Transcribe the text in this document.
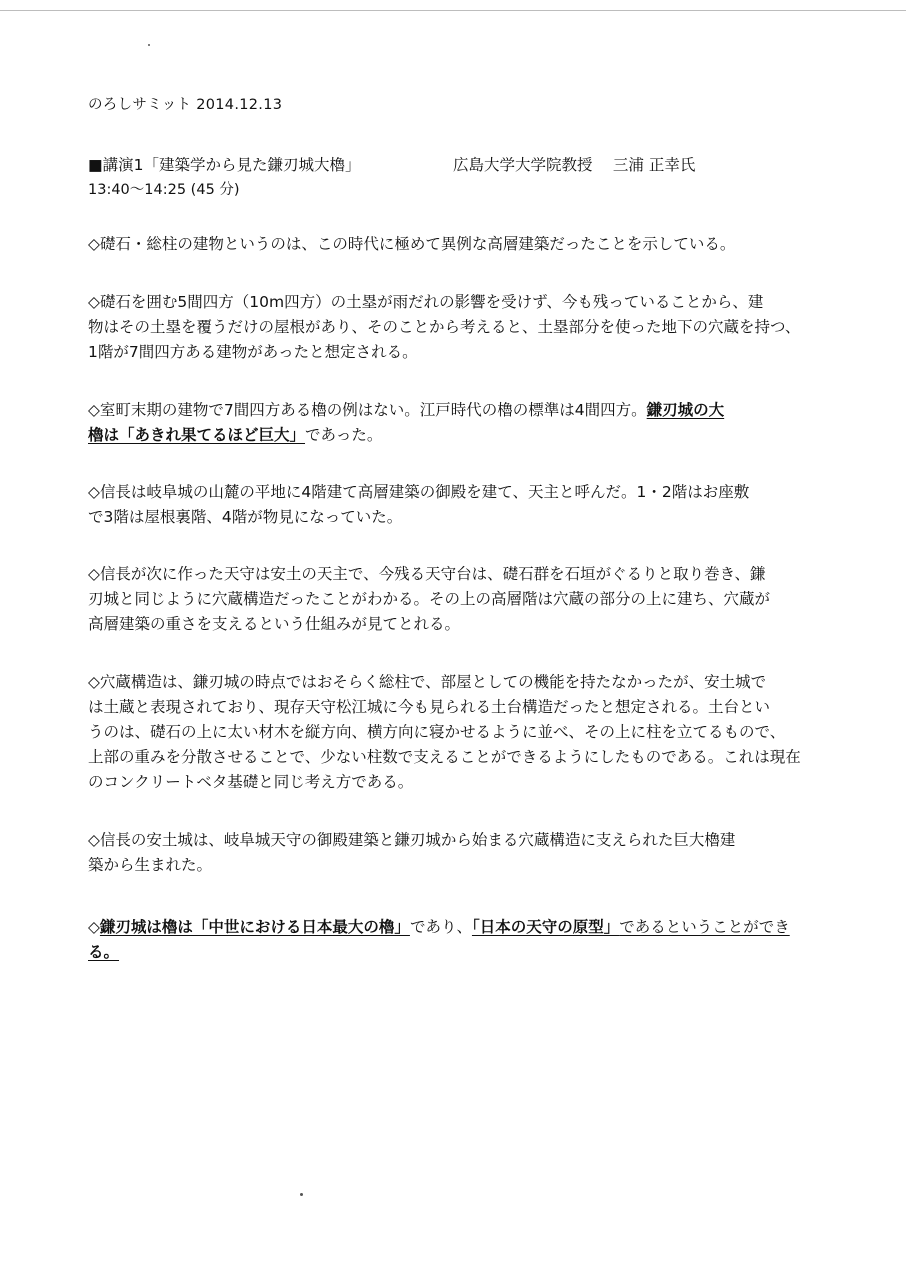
のろしサミット 2014.12.13
■講演1「建築学から見た鎌刃城大櫓」	広島大学大学院教授　 三浦 正幸氏
13:40～14:25 (45 分)
◇礎石・総柱の建物というのは、この時代に極めて異例な高層建築だったことを示している。
◇礎石を囲む5間四方（10m四方）の土塁が雨だれの影響を受けず、今も残っていることから、建
物はその土塁を覆うだけの屋根があり、そのことから考えると、土塁部分を使った地下の穴蔵を持つ、
1階が7間四方ある建物があったと想定される。
◇室町末期の建物で7間四方ある櫓の例はない。江戸時代の櫓の標準は4間四方。鎌刃城の大
櫓は「あきれ果てるほど巨大」であった。
◇信長は岐阜城の山麓の平地に4階建て高層建築の御殿を建て、天主と呼んだ。1・2階はお座敷
で3階は屋根裏階、4階が物見になっていた。
◇信長が次に作った天守は安土の天主で、今残る天守台は、礎石群を石垣がぐるりと取り巻き、鎌
刃城と同じように穴蔵構造だったことがわかる。その上の高層階は穴蔵の部分の上に建ち、穴蔵が
高層建築の重さを支えるという仕組みが見てとれる。
◇穴蔵構造は、鎌刃城の時点ではおそらく総柱で、部屋としての機能を持たなかったが、安土城で
は土蔵と表現されており、現存天守松江城に今も見られる土台構造だったと想定される。土台とい
うのは、礎石の上に太い材木を縦方向、横方向に寝かせるように並べ、その上に柱を立てるもので、
上部の重みを分散させることで、少ない柱数で支えることができるようにしたものである。これは現在
のコンクリートベタ基礎と同じ考え方である。
◇信長の安土城は、岐阜城天守の御殿建築と鎌刃城から始まる穴蔵構造に支えられた巨大櫓建
築から生まれた。
◇鎌刃城は櫓は「中世における日本最大の櫓」であり、「日本の天守の原型」であるということができ
る。
